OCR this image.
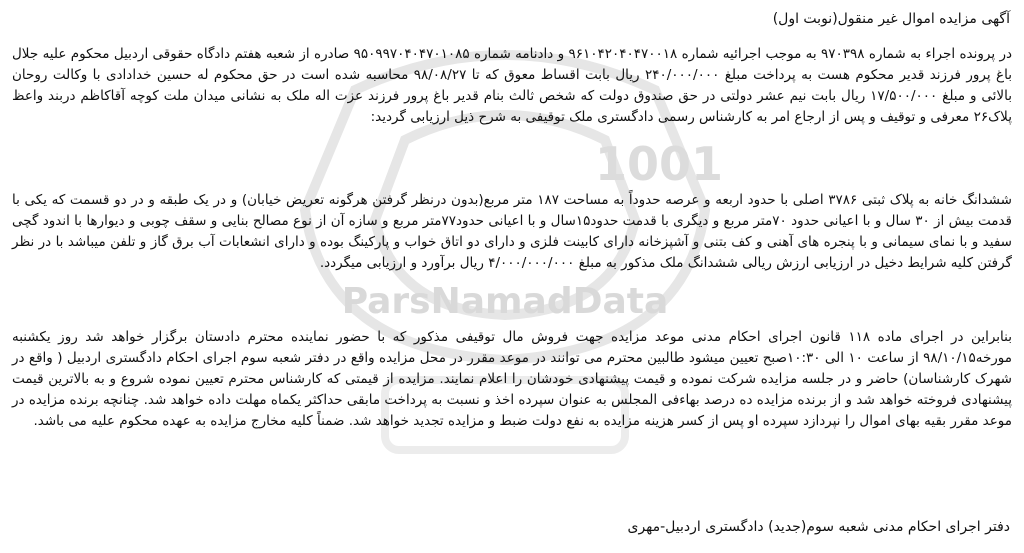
1001
ParsNamadData
آگهی مزایده اموال غیر منقول(نوبت اول)
در پرونده اجراء به شماره ۹۷۰۳۹۸ به موجب اجرائیه شماره ۹۶۱۰۴۲۰۴۰۴۷۰۰۱۸ و دادنامه شماره ۹۵۰۹۹۷۰۴۰۴۷۰۱۰۸۵ صادره از شعبه هفتم دادگاه حقوقی اردبیل محکوم علیه جلال باغ پرور فرزند قدیر محکوم هست به پرداخت مبلغ ۲۴۰/۰۰۰/۰۰۰ ریال بابت اقساط معوق که تا ۹۸/۰۸/۲۷ محاسبه شده است در حق محکوم له حسین خدادادی با وکالت روحان بالائی و مبلغ ۱۷/۵۰۰/۰۰۰ ریال بابت نیم عشر دولتی در حق صندوق دولت که شخص ثالث بنام قدیر باغ پرور فرزند عزت اله ملک به نشانی میدان ملت کوچه آقاکاظم دربند واعظ پلاک۲۶ معرفی و توقیف و پس از ارجاع امر به کارشناس رسمی دادگستری ملک توقیفی به شرح ذیل ارزیابی گردید:
ششدانگ خانه به پلاک ثبتی ۳۷۸۶ اصلی با حدود اربعه و عرصه حدوداً به مساحت ۱۸۷ متر مربع(بدون درنظر گرفتن هرگونه تعریض خیابان) و در یک طبقه و در دو قسمت که یکی با قدمت بیش از ۳۰ سال و با اعیانی حدود ۷۰متر مربع و دیگری با قدمت حدود۱۵سال و با اعیانی حدود۷۷متر مربع و سازه آن از نوع مصالح بنایی و سقف چوبی و دیوارها با اندود گچی سفید و با نمای سیمانی و با پنجره های آهنی و کف بتنی و آشپزخانه دارای کابینت فلزی و دارای دو اتاق خواب و پارکینگ بوده و دارای انشعابات آب برق گاز و تلفن میباشد با در نظر گرفتن کلیه شرایط دخیل در ارزیابی ارزش ریالی ششدانگ ملک مذکور به مبلغ ۴/۰۰۰/۰۰۰/۰۰۰ ریال برآورد و ارزیابی میگردد.
بنابراین در اجرای ماده ۱۱۸ قانون اجرای احکام مدنی موعد مزایده جهت فروش مال توقیفی مذکور که با حضور نماینده محترم دادستان برگزار خواهد شد روز یکشنبه مورخه۹۸/۱۰/۱۵ از ساعت ۱۰ الی ۱۰:۳۰صبح تعیین میشود طالبین محترم می توانند در موعد مقرر در محل مزایده واقع در دفتر شعبه سوم اجرای احکام دادگستری اردبیل ( واقع در شهرک کارشناسان) حاضر و در جلسه مزایده شرکت نموده و قیمت پیشنهادی خودشان را اعلام نمایند. مزایده از قیمتی که کارشناس محترم تعیین نموده شروع و به بالاترین قیمت پیشنهادی فروخته خواهد شد و از برنده مزایده ده درصد بهاءفی المجلس به عنوان سپرده اخذ و نسبت به پرداخت مابقی حداکثر یکماه مهلت داده خواهد شد. چنانچه برنده مزایده در موعد مقرر بقیه بهای اموال را نپردازد سپرده او پس از کسر هزینه مزایده به نفع دولت ضبط و مزایده تجدید خواهد شد. ضمناً کلیه مخارج مزایده به عهده محکوم علیه می باشد.
دفتر اجرای احکام مدنی شعبه سوم(جدید) دادگستری اردبیل-مهری
